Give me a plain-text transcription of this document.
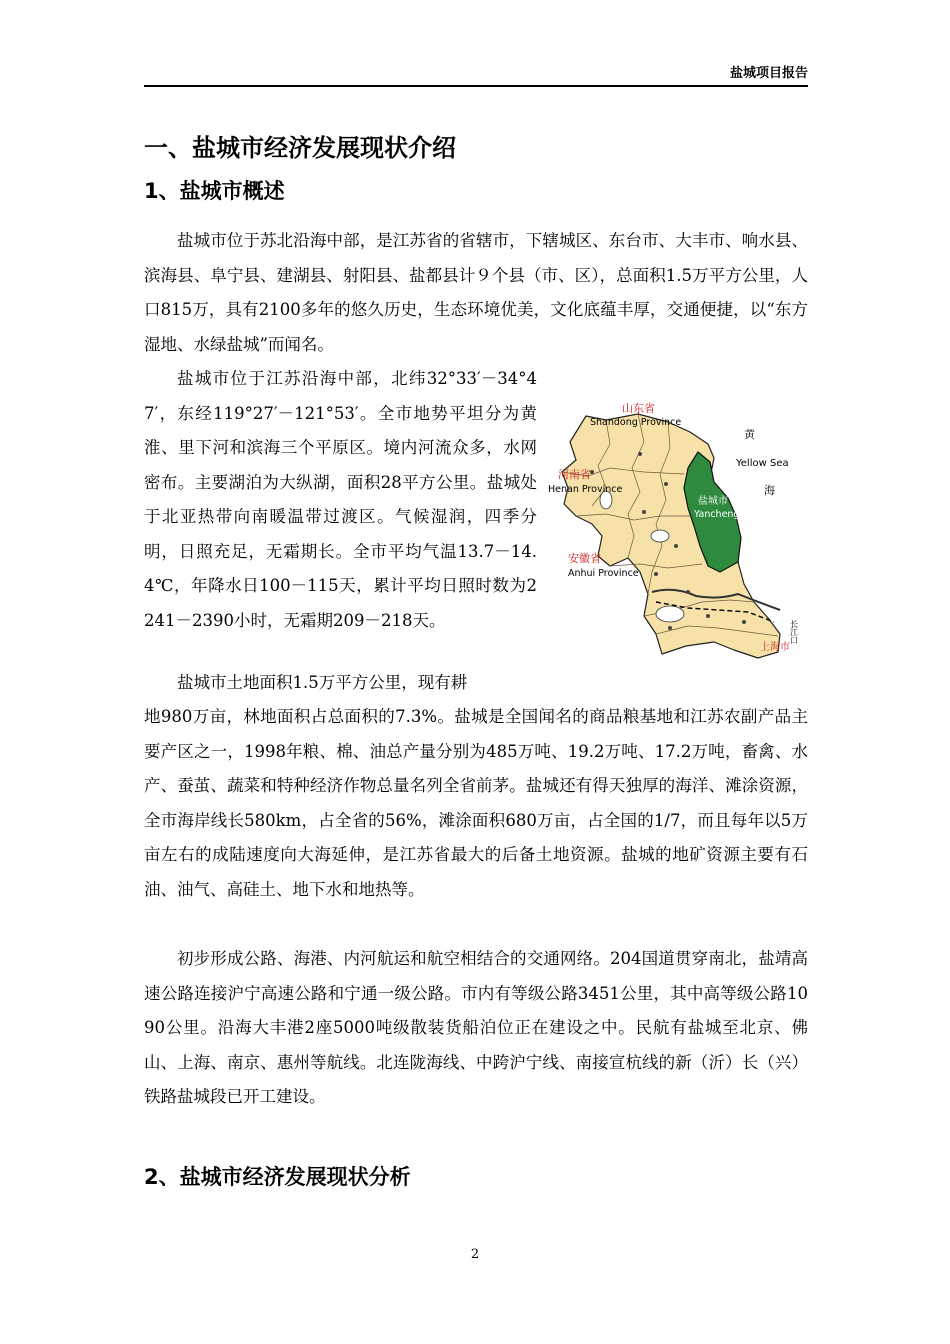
盐城项目报告
一、盐城市经济发展现状介绍
1、盐城市概述

盐城市位于苏北沿海中部，是江苏省的省辖市，下辖城区、东台市、大丰市、响水县、滨海县、阜宁县、建湖县、射阳县、盐都县计９个县（市、区），总面积1.5万平方公里，人口815万，具有2100多年的悠久历史，生态环境优美，文化底蕴丰厚，交通便捷，以“东方湿地、水绿盐城”而闻名。

盐城市位于江苏沿海中部，北纬32°33′－34°47′，东经119°27′－121°53′。全市地势平坦分为黄淮、里下河和滨海三个平原区。境内河流众多，水网密布。主要湖泊为大纵湖，面积28平方公里。盐城处于北亚热带向南暖温带过渡区。气候湿润，四季分明，日照充足，无霜期长。全市平均气温13.7－14.4℃，年降水日100－115天，累计平均日照时数为2241－2390小时，无霜期209－218天。

盐城市土地面积1.5万平方公里，现有耕

地980万亩，林地面积占总面积的7.3%。盐城是全国闻名的商品粮基地和江苏农副产品主要产区之一，1998年粮、棉、油总产量分别为485万吨、19.2万吨、17.2万吨，畜禽、水产、蚕茧、蔬菜和特种经济作物总量名列全省前茅。盐城还有得天独厚的海洋、滩涂资源，全市海岸线长580km，占全省的56%，滩涂面积680万亩，占全国的1/7，而且每年以5万亩左右的成陆速度向大海延伸，是江苏省最大的后备土地资源。盐城的地矿资源主要有石油、油气、高硅土、地下水和地热等。

初步形成公路、海港、内河航运和航空相结合的交通网络。204国道贯穿南北，盐靖高速公路连接沪宁高速公路和宁通一级公路。市内有等级公路3451公里，其中高等级公路1090公里。沿海大丰港2座5000吨级散装货船泊位正在建设之中。民航有盐城至北京、佛山、上海、南京、惠州等航线。北连陇海线、中跨沪宁线、南接宣杭线的新（沂）长（兴）铁路盐城段已开工建设。

2、盐城市经济发展现状分析
山东省
Shandong Province
河南省
Henan Province
安徽省
Anhui Province
盐城市
Yancheng
黄
Yellow Sea
海
上海市
长江口
2
